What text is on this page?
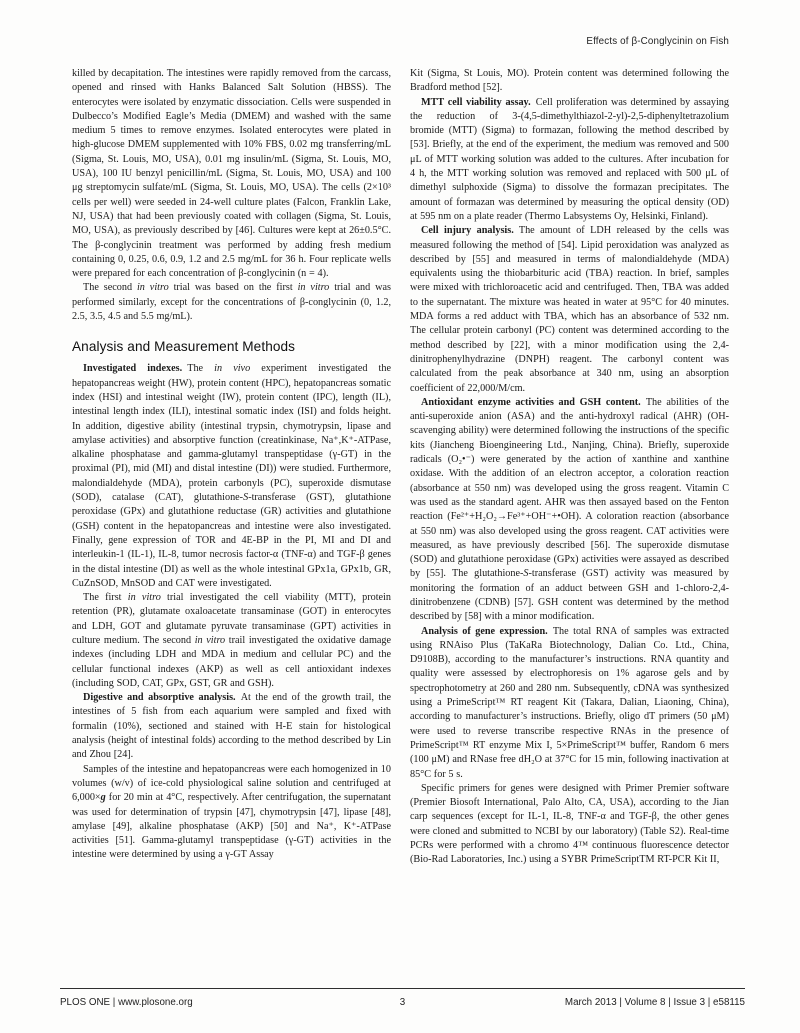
Effects of β-Conglycinin on Fish

killed by decapitation. The intestines were rapidly removed from the carcass, opened and rinsed with Hanks Balanced Salt Solution (HBSS). The enterocytes were isolated by enzymatic dissociation. Cells were suspended in Dulbecco’s Modified Eagle’s Media (DMEM) and washed with the same medium 5 times to remove enzymes. Isolated enterocytes were plated in high-glucose DMEM supplemented with 10% FBS, 0.02 mg transferring/mL (Sigma, St. Louis, MO, USA), 0.01 mg insulin/mL (Sigma, St. Louis, MO, USA), 100 IU benzyl penicillin/mL (Sigma, St. Louis, MO, USA) and 100 μg streptomycin sulfate/mL (Sigma, St. Louis, MO, USA). The cells (2×10³ cells per well) were seeded in 24-well culture plates (Falcon, Franklin Lake, NJ, USA) that had been previously coated with collagen (Sigma, St. Louis, MO, USA), as previously described by [46]. Cultures were kept at 26±0.5°C. The β-conglycinin treatment was performed by adding fresh medium containing 0, 0.25, 0.6, 0.9, 1.2 and 2.5 mg/mL for 36 h. Four replicate wells were prepared for each concentration of β-conglycinin (n = 4).

The second in vitro trial was based on the first in vitro trial and was performed similarly, except for the concentrations of β-conglycinin (0, 1.2, 2.5, 3.5, 4.5 and 5.5 mg/mL).

Analysis and Measurement Methods

Investigated indexes. The in vivo experiment investigated the hepatopancreas weight (HW), protein content (HPC), hepatopancreas somatic index (HSI) and intestinal weight (IW), protein content (IPC), length (IL), intestinal length index (ILI), intestinal somatic index (ISI) and folds height. In addition, digestive ability (intestinal trypsin, chymotrypsin, lipase and amylase activities) and absorptive function (creatinkinase, Na⁺,K⁺-ATPase, alkaline phosphatase and gamma-glutamyl transpeptidase (γ-GT) in the proximal (PI), mid (MI) and distal intestine (DI)) were studied. Furthermore, malondialdehyde (MDA), protein carbonyls (PC), superoxide dismutase (SOD), catalase (CAT), glutathione-S-transferase (GST), glutathione peroxidase (GPx) and glutathione reductase (GR) activities and glutathione (GSH) content in the hepatopancreas and intestine were also investigated. Finally, gene expression of TOR and 4E-BP in the PI, MI and DI and interleukin-1 (IL-1), IL-8, tumor necrosis factor-α (TNF-α) and TGF-β genes in the distal intestine (DI) as well as the whole intestinal GPx1a, GPx1b, GR, CuZnSOD, MnSOD and CAT were investigated.

The first in vitro trial investigated the cell viability (MTT), protein retention (PR), glutamate oxaloacetate transaminase (GOT) in enterocytes and LDH, GOT and glutamate pyruvate transaminase (GPT) activities in culture medium. The second in vitro trail investigated the oxidative damage indexes (including LDH and MDA in medium and cellular PC) and the cellular functional indexes (AKP) as well as cell antioxidant indexes (including SOD, CAT, GPx, GST, GR and GSH).

Digestive and absorptive analysis. At the end of the growth trail, the intestines of 5 fish from each aquarium were sampled and fixed with formalin (10%), sectioned and stained with H-E stain for histological analysis (height of intestinal folds) according to the method described by Lin and Zhou [24].

Samples of the intestine and hepatopancreas were each homogenized in 10 volumes (w/v) of ice-cold physiological saline solution and centrifuged at 6,000×g for 20 min at 4°C, respectively. After centrifugation, the supernatant was used for determination of trypsin [47], chymotrypsin [47], lipase [48], amylase [49], alkaline phosphatase (AKP) [50] and Na⁺, K⁺-ATPase activities [51]. Gamma-glutamyl transpeptidase (γ-GT) activities in the intestine were determined by using a γ-GT Assay

Kit (Sigma, St Louis, MO). Protein content was determined following the Bradford method [52].

MTT cell viability assay. Cell proliferation was determined by assaying the reduction of 3-(4,5-dimethylthiazol-2-yl)-2,5-diphenyltetrazolium bromide (MTT) (Sigma) to formazan, following the method described by [53]. Briefly, at the end of the experiment, the medium was removed and 500 μL of MTT working solution was added to the cultures. After incubation for 4 h, the MTT working solution was removed and replaced with 500 μL of dimethyl sulphoxide (Sigma) to dissolve the formazan precipitates. The amount of formazan was determined by measuring the optical density (OD) at 595 nm on a plate reader (Thermo Labsystems Oy, Helsinki, Finland).

Cell injury analysis. The amount of LDH released by the cells was measured following the method of [54]. Lipid peroxidation was analyzed as described by [55] and measured in terms of malondialdehyde (MDA) equivalents using the thiobarbituric acid (TBA) reaction. In brief, samples were mixed with trichloroacetic acid and centrifuged. Then, TBA was added to the supernatant. The mixture was heated in water at 95°C for 40 minutes. MDA forms a red adduct with TBA, which has an absorbance of 532 nm. The cellular protein carbonyl (PC) content was determined according to the method described by [22], with a minor modification using the 2,4-dinitrophenylhydrazine (DNPH) reagent. The carbonyl content was calculated from the peak absorbance at 340 nm, using an absorption coefficient of 22,000/M/cm.

Antioxidant enzyme activities and GSH content. The abilities of the anti-superoxide anion (ASA) and the anti-hydroxyl radical (AHR) (OH-scavenging ability) were determined following the instructions of the specific kits (Jiancheng Bioengineering Ltd., Nanjing, China). Briefly, superoxide radicals (O₂•⁻) were generated by the action of xanthine and xanthine oxidase. With the addition of an electron acceptor, a coloration reaction (absorbance at 550 nm) was developed using the gross reagent. Vitamin C was used as the standard agent. AHR was then assayed based on the Fenton reaction (Fe²⁺+H₂O₂→Fe³⁺+OH⁻+•OH). A coloration reaction (absorbance at 550 nm) was also developed using the gross reagent. CAT activities were measured, as have previously described [56]. The superoxide dismutase (SOD) and glutathione peroxidase (GPx) activities were assayed as described by [55]. The glutathione-S-transferase (GST) activity was measured by monitoring the formation of an adduct between GSH and 1-chloro-2,4-dinitrobenzene (CDNB) [57]. GSH content was determined by the method described by [58] with a minor modification.

Analysis of gene expression. The total RNA of samples was extracted using RNAiso Plus (TaKaRa Biotechnology, Dalian Co. Ltd., China, D9108B), according to the manufacturer’s instructions. RNA quantity and quality were assessed by electrophoresis on 1% agarose gels and by spectrophotometry at 260 and 280 nm. Subsequently, cDNA was synthesized using a PrimeScript™ RT reagent Kit (Takara, Dalian, Liaoning, China), according to manufacturer’s instructions. Briefly, oligo dT primers (50 μM) were used to reverse transcribe respective RNAs in the presence of PrimeScript™ RT enzyme Mix I, 5×PrimeScript™ buffer, Random 6 mers (100 μM) and RNase free dH₂O at 37°C for 15 min, following inactivation at 85°C for 5 s.

Specific primers for genes were designed with Primer Premier software (Premier Biosoft International, Palo Alto, CA, USA), according to the Jian carp sequences (except for IL-1, IL-8, TNF-α and TGF-β, the other genes were cloned and submitted to NCBI by our laboratory) (Table S2). Real-time PCRs were performed with a chromo 4™ continuous fluorescence detector (Bio-Rad Laboratories, Inc.) using a SYBR PrimeScriptTM RT-PCR Kit II,

PLOS ONE | www.plosone.org	3	March 2013 | Volume 8 | Issue 3 | e58115
